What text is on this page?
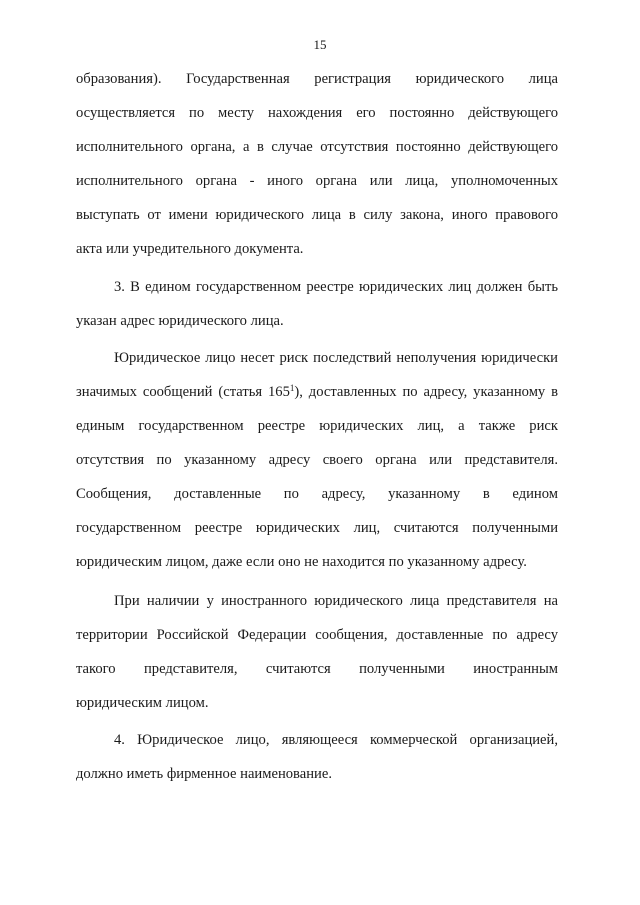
15
образования). Государственная регистрация юридического лица
осуществляется по месту нахождения его постоянно действующего
исполнительного органа, а в случае отсутствия постоянно действующего
исполнительного органа - иного органа или лица, уполномоченных
выступать от имени юридического лица в силу закона, иного правового
акта или учредительного документа.
3. В едином государственном реестре юридических лиц должен быть
указан адрес юридического лица.
Юридическое лицо несет риск последствий неполучения юридически
значимых сообщений (статья $165^1$), доставленных по адресу, указанному в
единым государственном реестре юридических лиц, а также риск
отсутствия по указанному адресу своего органа или представителя.
Сообщения, доставленные по адресу, указанному в едином
государственном реестре юридических лиц, считаются полученными
юридическим лицом, даже если оно не находится по указанному адресу.
При наличии у иностранного юридического лица представителя на
территории Российской Федерации сообщения, доставленные по адресу
такого представителя, считаются полученными иностранным
юридическим лицом.
4. Юридическое лицо, являющееся коммерческой организацией,
должно иметь фирменное наименование.
